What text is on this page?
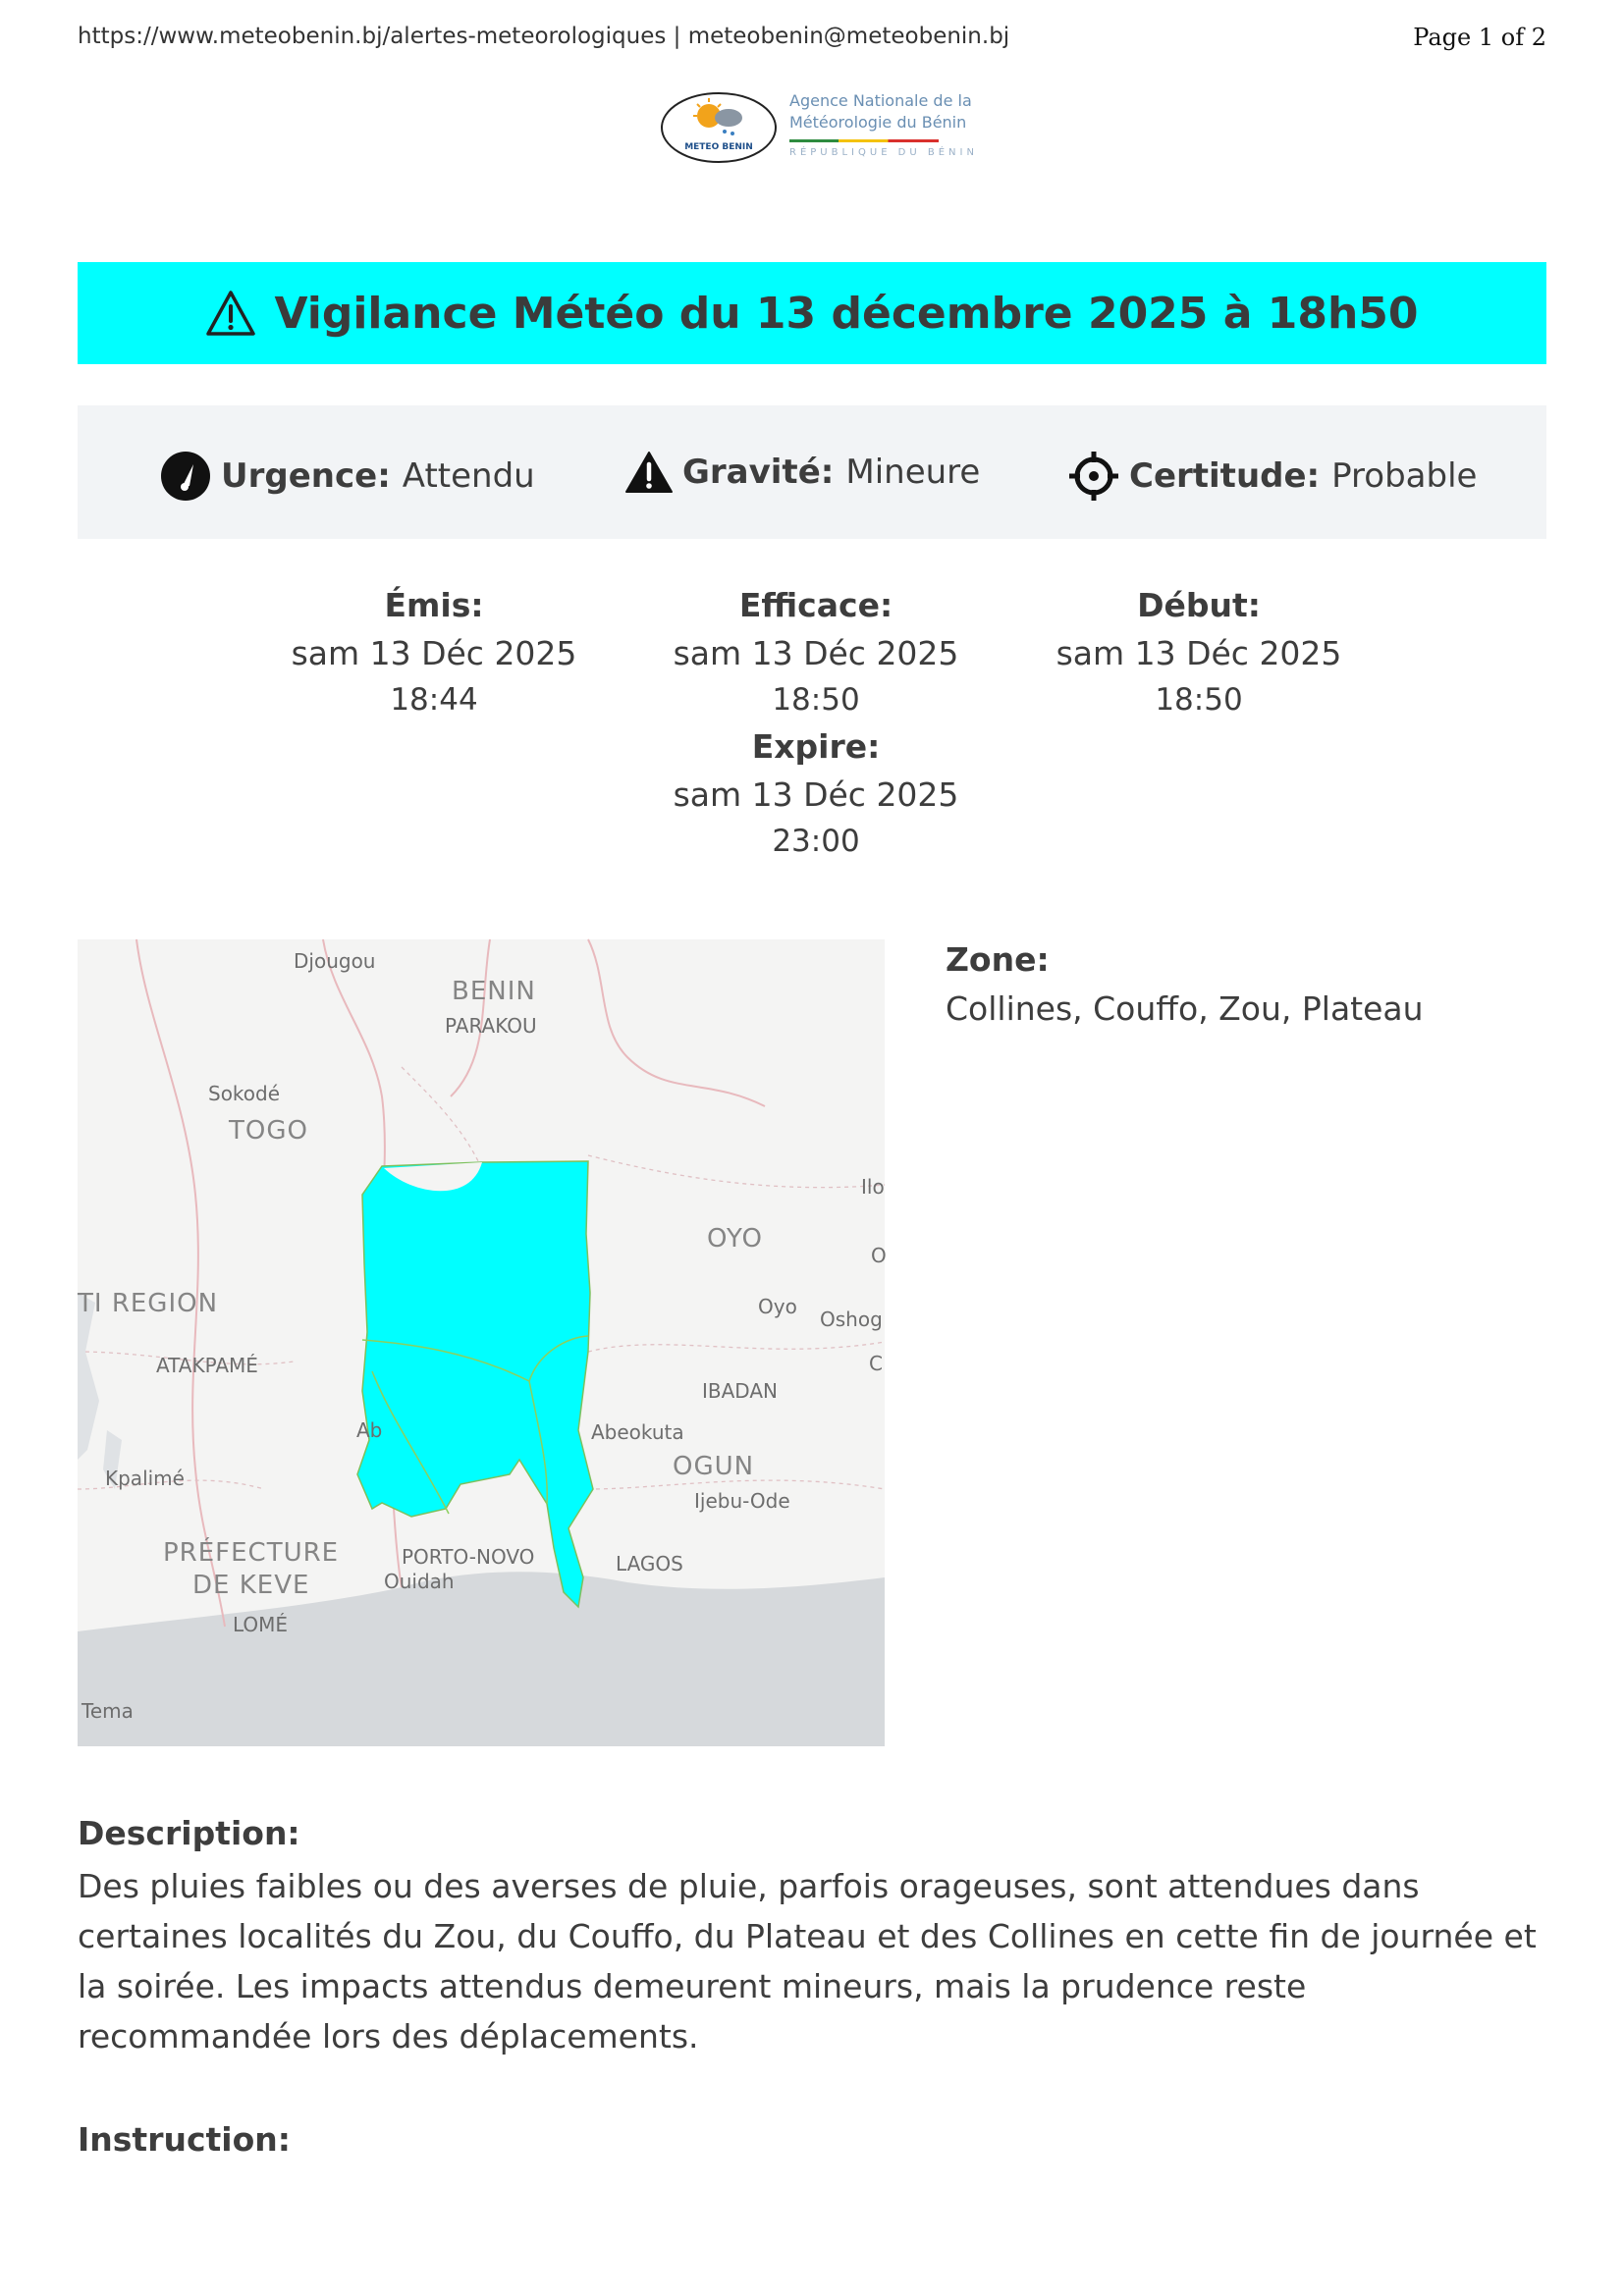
https://www.meteobenin.bj/alertes-meteorologiques | meteobenin@meteobenin.bj	Page 1 of 2
METEO BENIN
Agence Nationale de la
Météorologie du Bénin
RÉPUBLIQUE DU BÉNIN
Vigilance Météo du 13 décembre 2025 à 18h50
Urgence: Attendu	Gravité: Mineure	Certitude: Probable
Émis:
sam 13 Déc 2025
18:44
Efficace:
sam 13 Déc 2025
18:50
Expire:
sam 13 Déc 2025
23:00
Début:
sam 13 Déc 2025
18:50
Djougou
BENIN
PARAKOU
Sokodé
TOGO
Ilo
OYO
O
TI REGION	Oyo
Oshog
ATAKPAMÉ	C
IBADAN
Ab	Abeokuta
OGUN
Kpalimé
Ijebu-Ode
PRÉFECTURE	PORTO-NOVO	LAGOS
Ouidah
DE KEVE
LOMÉ
Tema
Zone:
Collines, Couffo, Zou, Plateau
Description:
Des pluies faibles ou des averses de pluie, parfois orageuses, sont attendues dans certaines localités du Zou, du Couffo, du Plateau et des Collines en cette fin de journée et la soirée. Les impacts attendus demeurent mineurs, mais la prudence reste recommandée lors des déplacements.
Instruction:
